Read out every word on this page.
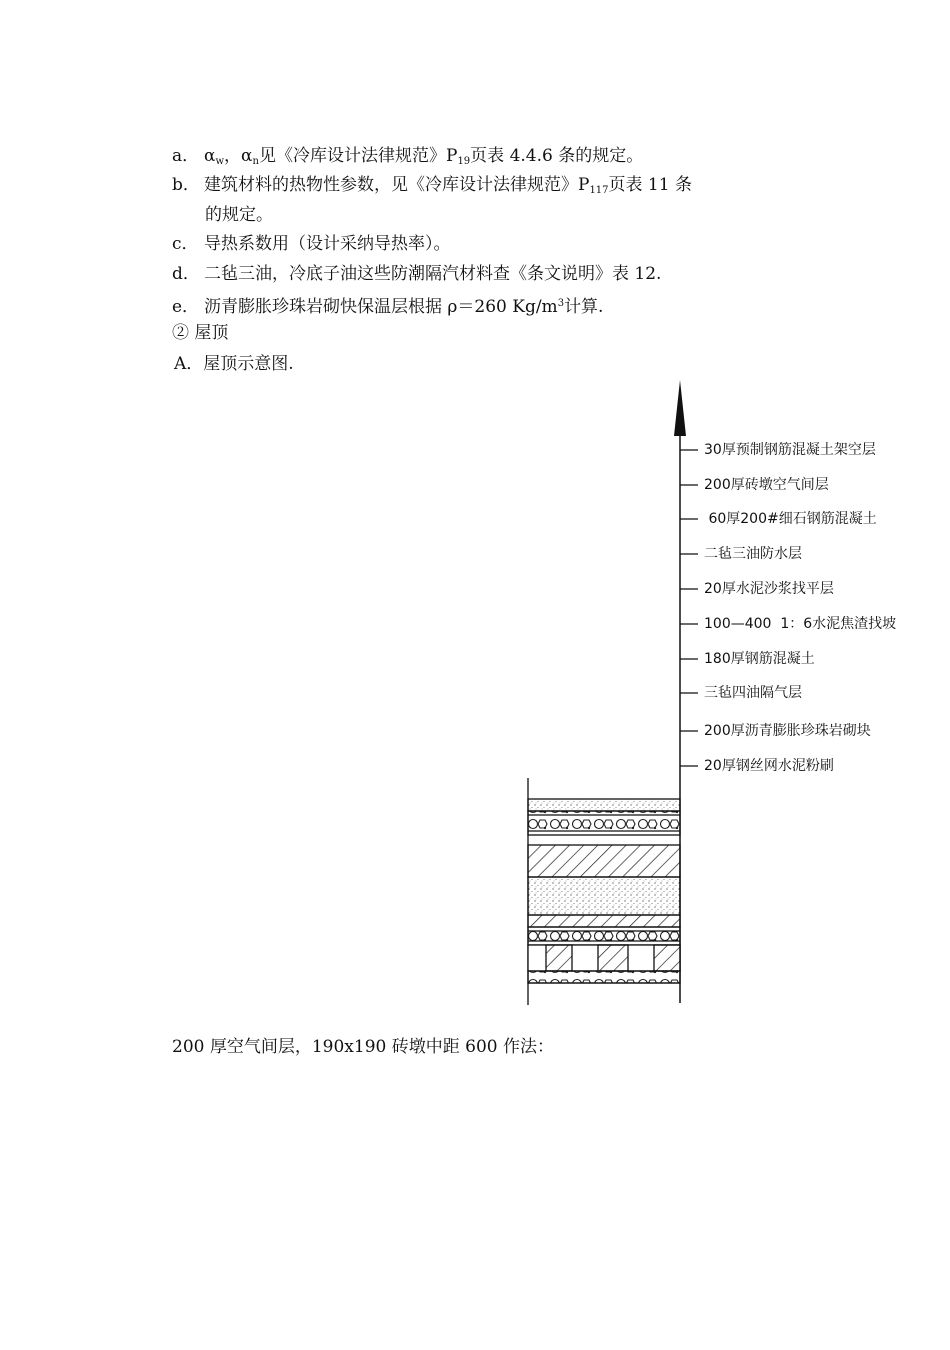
a． $\alpha_w$，$\alpha_n$见《冷库设计法律规范》$P_{19}$页表 4.4.6 条的规定。
b． 建筑材料的热物性参数，见《冷库设计法律规范》$P_{117}$页表 11 条
的规定。
c． 导热系数用（设计采纳导热率）。
d． 二毡三油，冷底子油这些防潮隔汽材料查《条文说明》表 12.
e． 沥青膨胀珍珠岩砌快保温层根据 ρ＝260 $Kg/m^3$计算.
② 屋顶
A．屋顶示意图.
30厚预制钢筋混凝土架空层
200厚砖墩空气间层
60厚200#细石钢筋混凝土
二毡三油防水层
20厚水泥沙浆找平层
100—400  1：6水泥焦渣找坡
180厚钢筋混凝土
三毡四油隔气层
200厚沥青膨胀珍珠岩砌块
20厚钢丝网水泥粉刷
200 厚空气间层，190x190 砖墩中距 600 作法：
